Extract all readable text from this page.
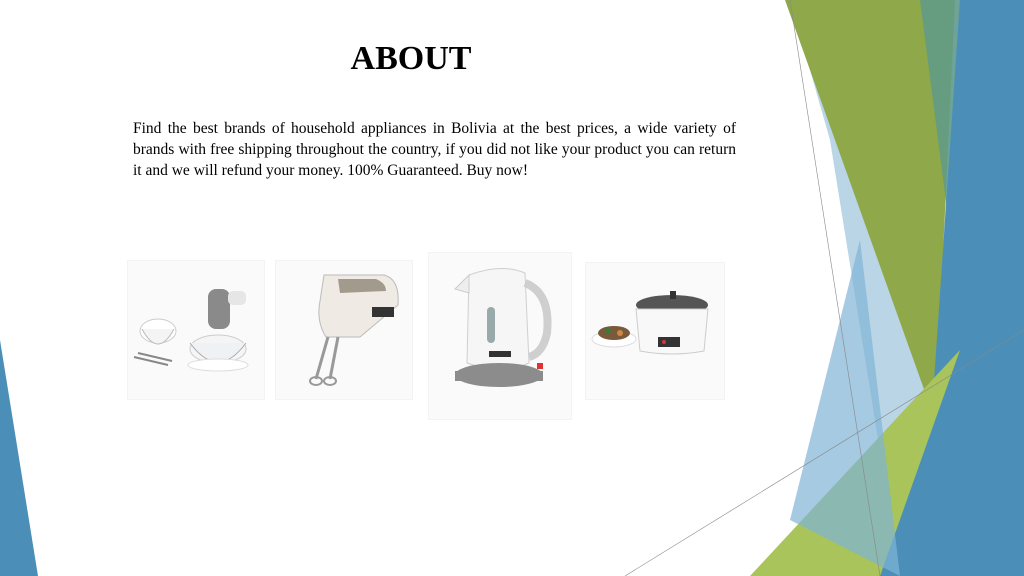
ABOUT

Find the best brands of household appliances in Bolivia at the best prices, a wide variety of brands with free shipping throughout the country, if you did not like your product you can return it and we will refund your money. 100% Guaranteed. Buy now!
